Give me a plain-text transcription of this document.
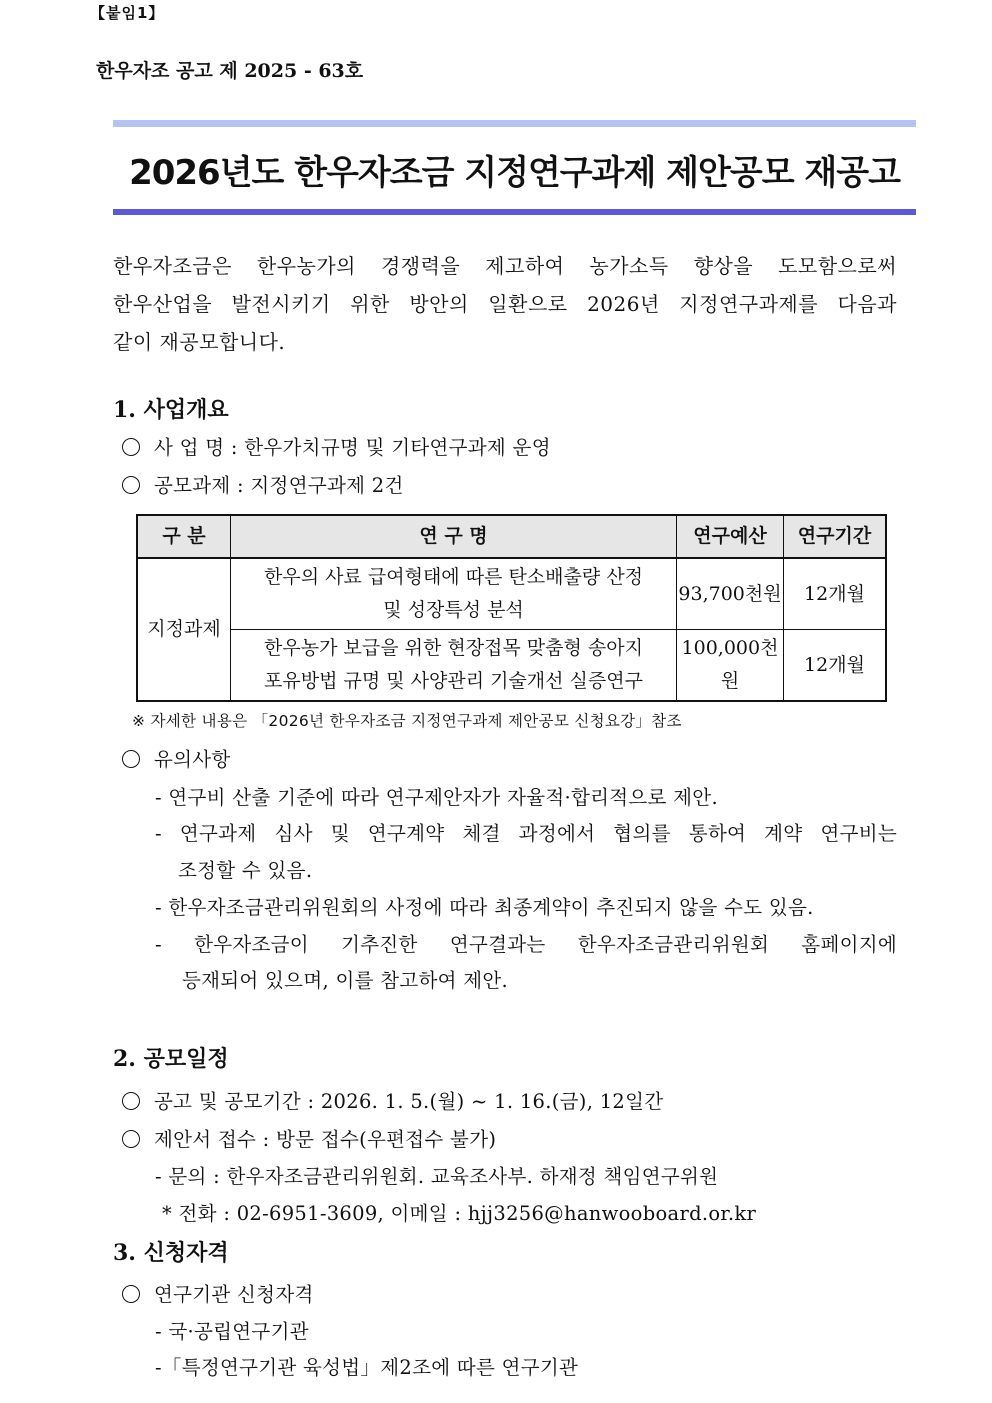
【붙임1】
한우자조 공고 제 2025 - 63호
2026년도 한우자조금 지정연구과제 제안공모 재공고

한우자조금은 한우농가의 경쟁력을 제고하여 농가소득 향상을 도모함으로써

한우산업을 발전시키기 위한 방안의 일환으로 2026년 지정연구과제를 다음과

같이 재공모합니다.

1. 사업개요
사 업 명 : 한우가치규명 및 기타연구과제 운영
공모과제 : 지정연구과제 2건
구 분	연 구 명	연구예산	연구기간
지정과제	한우의 사료 급여형태에 따른 탄소배출량 산정
및 성장특성 분석	93,700천원	12개월

	한우농가 보급을 위한 현장접목 맞춤형 송아지
포유방법 규명 및 사양관리 기술개선 실증연구	100,000천원	12개월
※ 자세한 내용은 「2026년 한우자조금 지정연구과제 제안공모 신청요강」참조
유의사항
- 연구비 산출 기준에 따라 연구제안자가 자율적·합리적으로 제안.
- 연구과제 심사 및 연구계약 체결 과정에서 협의를 통하여 계약 연구비는
조정할 수 있음.
- 한우자조금관리위원회의 사정에 따라 최종계약이 추진되지 않을 수도 있음.
- 한우자조금이 기추진한 연구결과는 한우자조금관리위원회 홈페이지에
등재되어 있으며, 이를 참고하여 제안.
2. 공모일정
공고 및 공모기간 : 2026. 1. 5.(월) ~ 1. 16.(금), 12일간
제안서 접수 : 방문 접수(우편접수 불가)
- 문의 : 한우자조금관리위원회. 교육조사부. 하재정 책임연구위원
* 전화 : 02-6951-3609, 이메일 : hjj3256@hanwooboard.or.kr
3. 신청자격
연구기관 신청자격
- 국·공립연구기관
-「특정연구기관 육성법」제2조에 따른 연구기관
